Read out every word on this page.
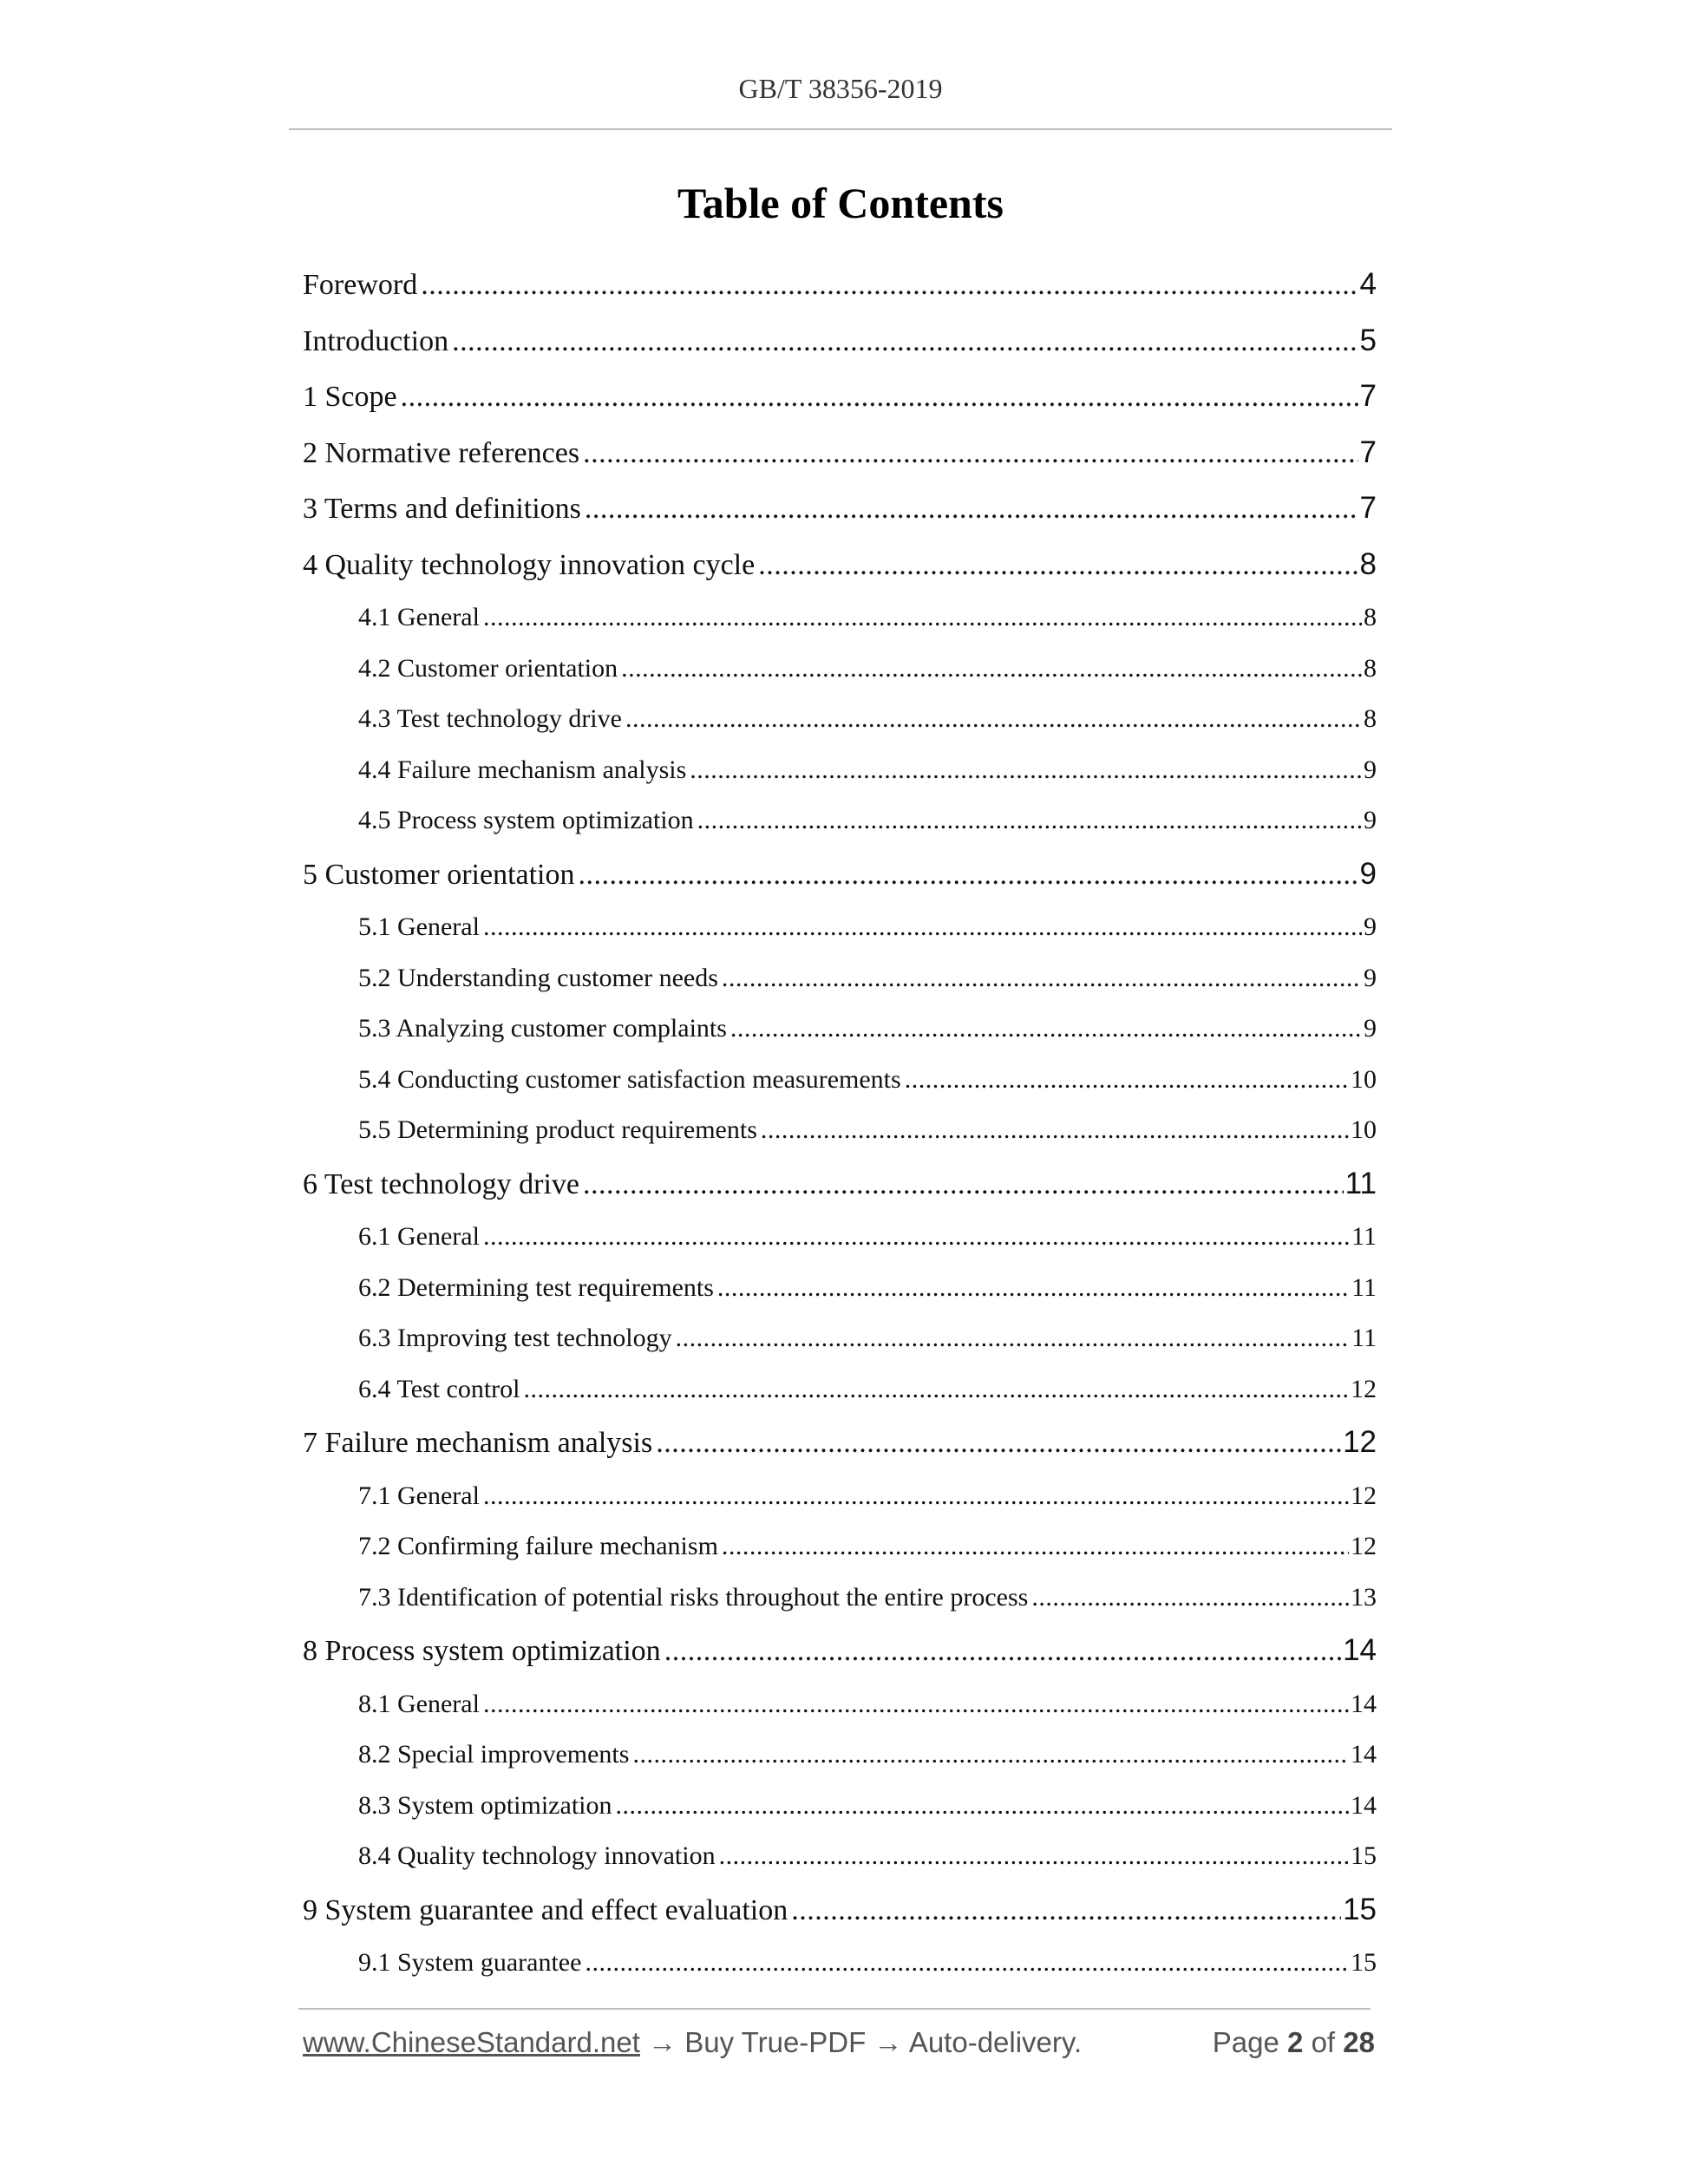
GB/T 38356-2019
Table of Contents
Foreword .....	4
Introduction .....	5
1 Scope .....	7
2 Normative references .....	7
3 Terms and definitions .....	7
4 Quality technology innovation cycle .....	8
4.1 General .....	8
4.2 Customer orientation .....	8
4.3 Test technology drive .....	8
4.4 Failure mechanism analysis .....	9
4.5 Process system optimization .....	9
5 Customer orientation .....	9
5.1 General .....	9
5.2 Understanding customer needs .....	9
5.3 Analyzing customer complaints .....	9
5.4 Conducting customer satisfaction measurements .....	10
5.5 Determining product requirements .....	10
6 Test technology drive .....	11
6.1 General .....	11
6.2 Determining test requirements .....	11
6.3 Improving test technology .....	11
6.4 Test control .....	12
7 Failure mechanism analysis .....	12
7.1 General .....	12
7.2 Confirming failure mechanism .....	12
7.3 Identification of potential risks throughout the entire process .....	13
8 Process system optimization .....	14
8.1 General .....	14
8.2 Special improvements .....	14
8.3 System optimization .....	14
8.4 Quality technology innovation .....	15
9 System guarantee and effect evaluation .....	15
9.1 System guarantee .....	15
www.ChineseStandard.net → Buy True-PDF → Auto-delivery.	Page 2 of 28
